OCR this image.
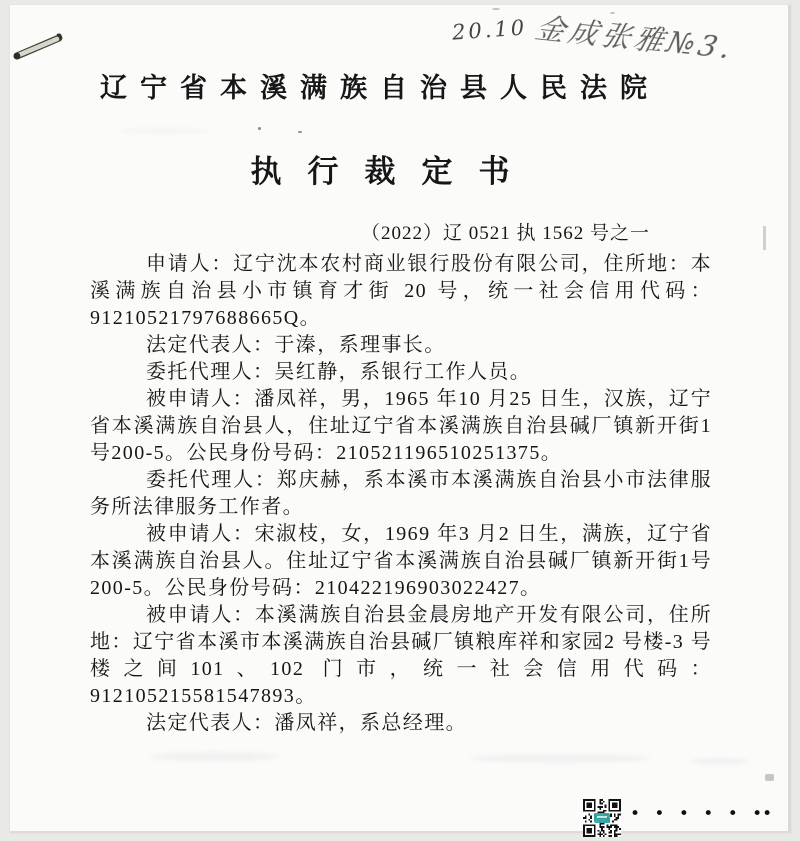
20.10 金成张雅№3.
辽宁省本溪满族自治县人民法院
执行裁定书
（2022）辽 0521 执 1562 号之一

申请人：辽宁沈本农村商业银行股份有限公司，住所地：本溪满族自治县小市镇育才街 20 号，统一社会信用代码：91210521797688665Q。

法定代表人：于溱，系理事长。

委托代理人：吴红静，系银行工作人员。

被申请人：潘凤祥，男，1965 年10 月25 日生，汉族，辽宁省本溪满族自治县人，住址辽宁省本溪满族自治县碱厂镇新开街1号200-5。公民身份号码：210521196510251375。

委托代理人：郑庆赫，系本溪市本溪满族自治县小市法律服务所法律服务工作者。

被申请人：宋淑枝，女，1969 年3 月2 日生，满族，辽宁省本溪满族自治县人。住址辽宁省本溪满族自治县碱厂镇新开街1号200-5。公民身份号码：210422196903022427。

被申请人：本溪满族自治县金晨房地产开发有限公司，住所地：辽宁省本溪市本溪满族自治县碱厂镇粮库祥和家园2 号楼-3 号楼之间101、102 门市，统一社会信用代码：912105215581547893。

法定代表人：潘凤祥，系总经理。

• • • • • ••
